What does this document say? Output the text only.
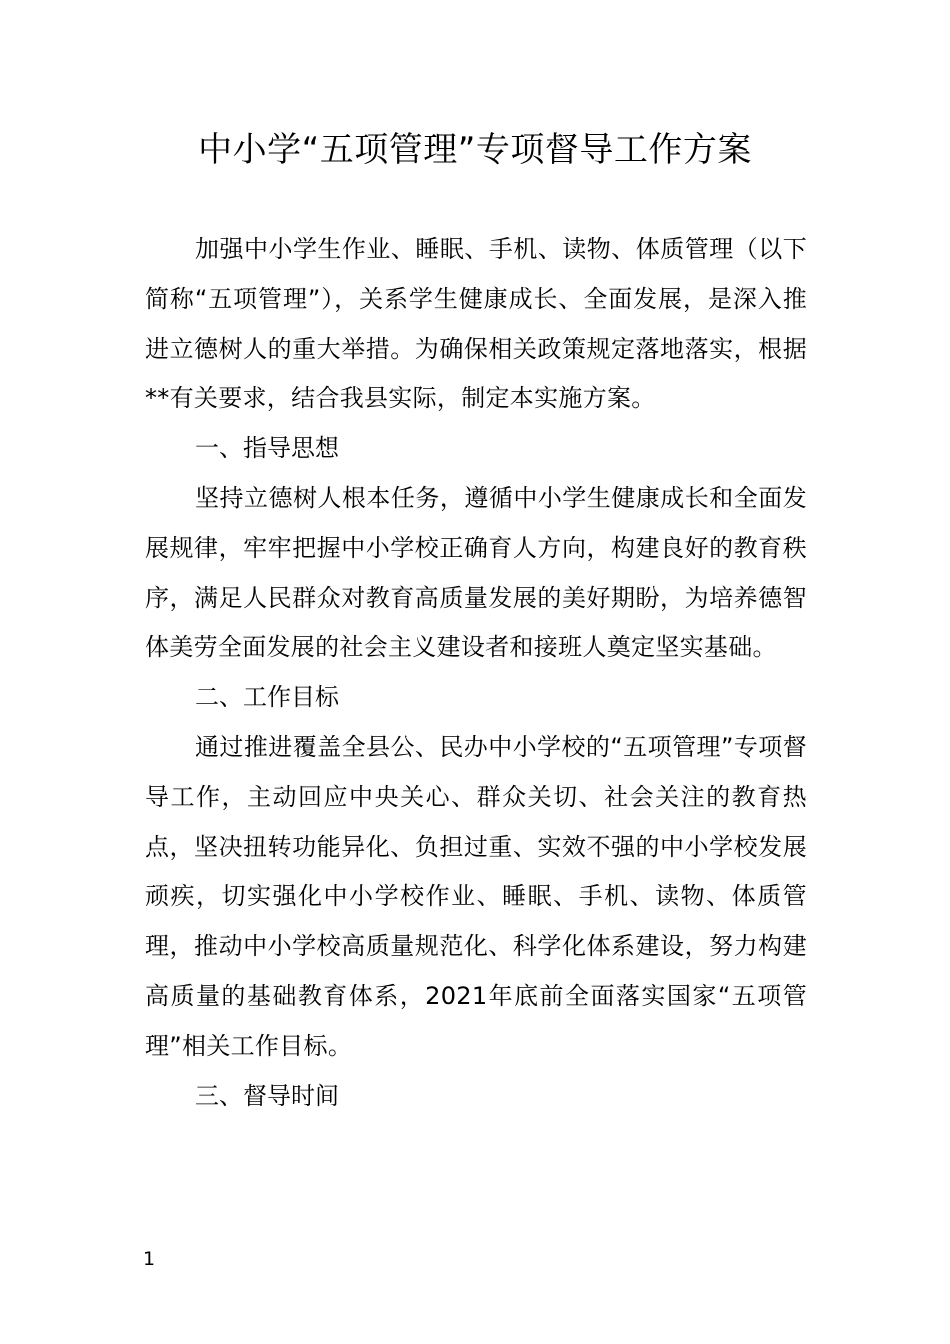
中小学“五项管理”专项督导工作方案

加强中小学生作业、睡眠、手机、读物、体质管理（以下简称“五项管理”），关系学生健康成长、全面发展，是深入推进立德树人的重大举措。为确保相关政策规定落地落实，根据**有关要求，结合我县实际，制定本实施方案。

一、指导思想

坚持立德树人根本任务，遵循中小学生健康成长和全面发展规律，牢牢把握中小学校正确育人方向，构建良好的教育秩序，满足人民群众对教育高质量发展的美好期盼，为培养德智体美劳全面发展的社会主义建设者和接班人奠定坚实基础。

二、工作目标

通过推进覆盖全县公、民办中小学校的“五项管理”专项督导工作，主动回应中央关心、群众关切、社会关注的教育热点，坚决扭转功能异化、负担过重、实效不强的中小学校发展顽疾，切实强化中小学校作业、睡眠、手机、读物、体质管理，推动中小学校高质量规范化、科学化体系建设，努力构建高质量的基础教育体系，2021年底前全面落实国家“五项管理”相关工作目标。

三、督导时间
1
